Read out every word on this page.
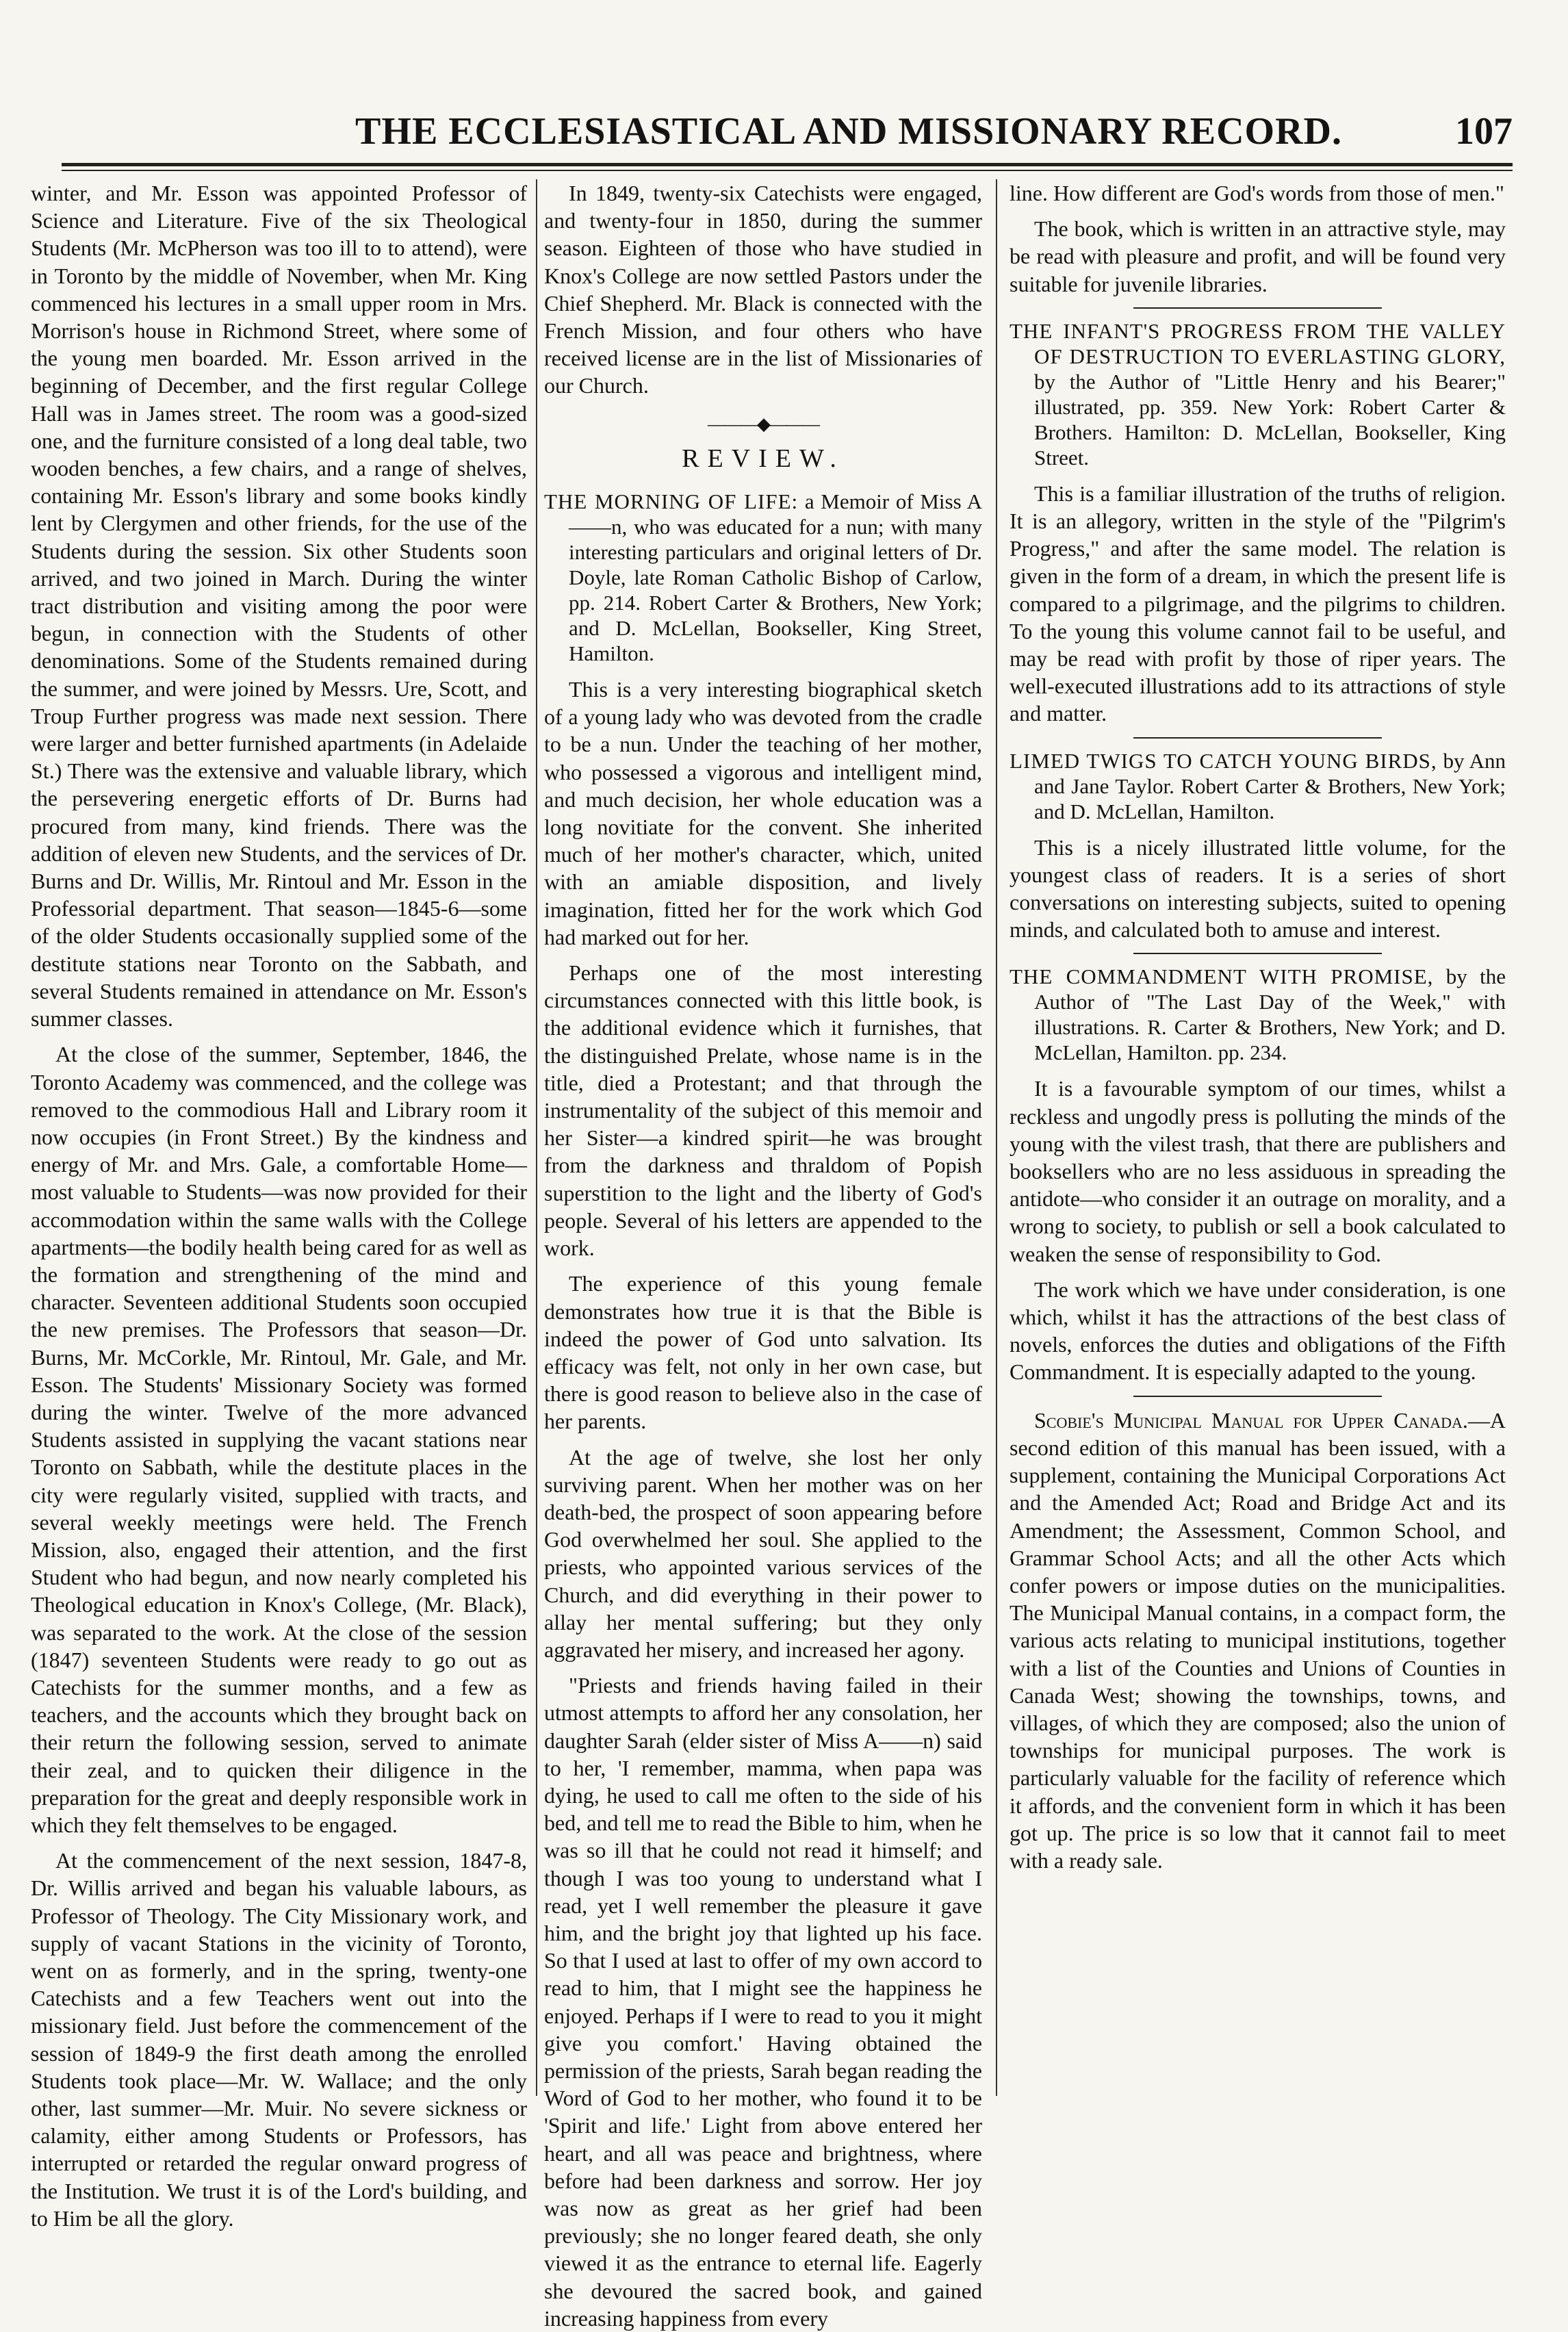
THE ECCLESIASTICAL AND MISSIONARY RECORD.	107

winter, and Mr. Esson was appointed Professor of Science and Literature. Five of the six Theological Students (Mr. McPherson was too ill to to attend), were in Toronto by the middle of November, when Mr. King commenced his lectures in a small upper room in Mrs. Morrison's house in Richmond Street, where some of the young men boarded. Mr. Esson arrived in the beginning of December, and the first regular College Hall was in James street. The room was a good-sized one, and the furniture consisted of a long deal table, two wooden benches, a few chairs, and a range of shelves, containing Mr. Esson's library and some books kindly lent by Clergymen and other friends, for the use of the Students during the session. Six other Students soon arrived, and two joined in March. During the winter tract distribution and visiting among the poor were begun, in connection with the Students of other denominations. Some of the Students remained during the summer, and were joined by Messrs. Ure, Scott, and Troup Further progress was made next session. There were larger and better furnished apartments (in Adelaide St.) There was the extensive and valuable library, which the persevering energetic efforts of Dr. Burns had procured from many, kind friends. There was the addition of eleven new Students, and the services of Dr. Burns and Dr. Willis, Mr. Rintoul and Mr. Esson in the Professorial department. That season—1845-6—some of the older Students occasionally supplied some of the destitute stations near Toronto on the Sabbath, and several Students remained in attendance on Mr. Esson's summer classes.

At the close of the summer, September, 1846, the Toronto Academy was commenced, and the college was removed to the commodious Hall and Library room it now occupies (in Front Street.) By the kindness and energy of Mr. and Mrs. Gale, a comfortable Home—most valuable to Students—was now provided for their accommodation within the same walls with the College apartments—the bodily health being cared for as well as the formation and strengthening of the mind and character. Seventeen additional Students soon occupied the new premises. The Professors that season—Dr. Burns, Mr. McCorkle, Mr. Rintoul, Mr. Gale, and Mr. Esson. The Students' Missionary Society was formed during the winter. Twelve of the more advanced Students assisted in supplying the vacant stations near Toronto on Sabbath, while the destitute places in the city were regularly visited, supplied with tracts, and several weekly meetings were held. The French Mission, also, engaged their attention, and the first Student who had begun, and now nearly completed his Theological education in Knox's College, (Mr. Black), was separated to the work. At the close of the session (1847) seventeen Students were ready to go out as Catechists for the summer months, and a few as teachers, and the accounts which they brought back on their return the following session, served to animate their zeal, and to quicken their diligence in the preparation for the great and deeply responsible work in which they felt themselves to be engaged.

At the commencement of the next session, 1847-8, Dr. Willis arrived and began his valuable labours, as Professor of Theology. The City Missionary work, and supply of vacant Stations in the vicinity of Toronto, went on as formerly, and in the spring, twenty-one Catechists and a few Teachers went out into the missionary field. Just before the commencement of the session of 1849-9 the first death among the enrolled Students took place—Mr. W. Wallace; and the only other, last summer—Mr. Muir. No severe sickness or calamity, either among Students or Professors, has interrupted or retarded the regular onward progress of the Institution. We trust it is of the Lord's building, and to Him be all the glory.

In 1849, twenty-six Catechists were engaged, and twenty-four in 1850, during the summer season. Eighteen of those who have studied in Knox's College are now settled Pastors under the Chief Shepherd. Mr. Black is connected with the French Mission, and four others who have received license are in the list of Missionaries of our Church.

———◆———
REVIEW.
THE MORNING OF LIFE: a Memoir of Miss A——n, who was educated for a nun; with many interesting particulars and original letters of Dr. Doyle, late Roman Catholic Bishop of Carlow, pp. 214. Robert Carter & Brothers, New York; and D. McLellan, Bookseller, King Street, Hamilton.

This is a very interesting biographical sketch of a young lady who was devoted from the cradle to be a nun. Under the teaching of her mother, who possessed a vigorous and intelligent mind, and much decision, her whole education was a long novitiate for the convent. She inherited much of her mother's character, which, united with an amiable disposition, and lively imagination, fitted her for the work which God had marked out for her.

Perhaps one of the most interesting circumstances connected with this little book, is the additional evidence which it furnishes, that the distinguished Prelate, whose name is in the title, died a Protestant; and that through the instrumentality of the subject of this memoir and her Sister—a kindred spirit—he was brought from the darkness and thraldom of Popish superstition to the light and the liberty of God's people. Several of his letters are appended to the work.

The experience of this young female demonstrates how true it is that the Bible is indeed the power of God unto salvation. Its efficacy was felt, not only in her own case, but there is good reason to believe also in the case of her parents.

At the age of twelve, she lost her only surviving parent. When her mother was on her death-bed, the prospect of soon appearing before God overwhelmed her soul. She applied to the priests, who appointed various services of the Church, and did everything in their power to allay her mental suffering; but they only aggravated her misery, and increased her agony.

"Priests and friends having failed in their utmost attempts to afford her any consolation, her daughter Sarah (elder sister of Miss A——n) said to her, 'I remember, mamma, when papa was dying, he used to call me often to the side of his bed, and tell me to read the Bible to him, when he was so ill that he could not read it himself; and though I was too young to understand what I read, yet I well remember the pleasure it gave him, and the bright joy that lighted up his face. So that I used at last to offer of my own accord to read to him, that I might see the happiness he enjoyed. Perhaps if I were to read to you it might give you comfort.' Having obtained the permission of the priests, Sarah began reading the Word of God to her mother, who found it to be 'Spirit and life.' Light from above entered her heart, and all was peace and brightness, where before had been darkness and sorrow. Her joy was now as great as her grief had been previously; she no longer feared death, she only viewed it as the entrance to eternal life. Eagerly she devoured the sacred book, and gained increasing happiness from every

line. How different are God's words from those of men."

The book, which is written in an attractive style, may be read with pleasure and profit, and will be found very suitable for juvenile libraries.

THE INFANT'S PROGRESS FROM THE VALLEY OF DESTRUCTION TO EVERLASTING GLORY, by the Author of "Little Henry and his Bearer;" illustrated, pp. 359. New York: Robert Carter & Brothers. Hamilton: D. McLellan, Bookseller, King Street.

This is a familiar illustration of the truths of religion. It is an allegory, written in the style of the "Pilgrim's Progress," and after the same model. The relation is given in the form of a dream, in which the present life is compared to a pilgrimage, and the pilgrims to children. To the young this volume cannot fail to be useful, and may be read with profit by those of riper years. The well-executed illustrations add to its attractions of style and matter.

LIMED TWIGS TO CATCH YOUNG BIRDS, by Ann and Jane Taylor. Robert Carter & Brothers, New York; and D. McLellan, Hamilton.

This is a nicely illustrated little volume, for the youngest class of readers. It is a series of short conversations on interesting subjects, suited to opening minds, and calculated both to amuse and interest.

THE COMMANDMENT WITH PROMISE, by the Author of "The Last Day of the Week," with illustrations. R. Carter & Brothers, New York; and D. McLellan, Hamilton. pp. 234.

It is a favourable symptom of our times, whilst a reckless and ungodly press is polluting the minds of the young with the vilest trash, that there are publishers and booksellers who are no less assiduous in spreading the antidote—who consider it an outrage on morality, and a wrong to society, to publish or sell a book calculated to weaken the sense of responsibility to God.

The work which we have under consideration, is one which, whilst it has the attractions of the best class of novels, enforces the duties and obligations of the Fifth Commandment. It is especially adapted to the young.

Scobie's Municipal Manual for Upper Canada.—A second edition of this manual has been issued, with a supplement, containing the Municipal Corporations Act and the Amended Act; Road and Bridge Act and its Amendment; the Assessment, Common School, and Grammar School Acts; and all the other Acts which confer powers or impose duties on the municipalities. The Municipal Manual contains, in a compact form, the various acts relating to municipal institutions, together with a list of the Counties and Unions of Counties in Canada West; showing the townships, towns, and villages, of which they are composed; also the union of townships for municipal purposes. The work is particularly valuable for the facility of reference which it affords, and the convenient form in which it has been got up. The price is so low that it cannot fail to meet with a ready sale.
